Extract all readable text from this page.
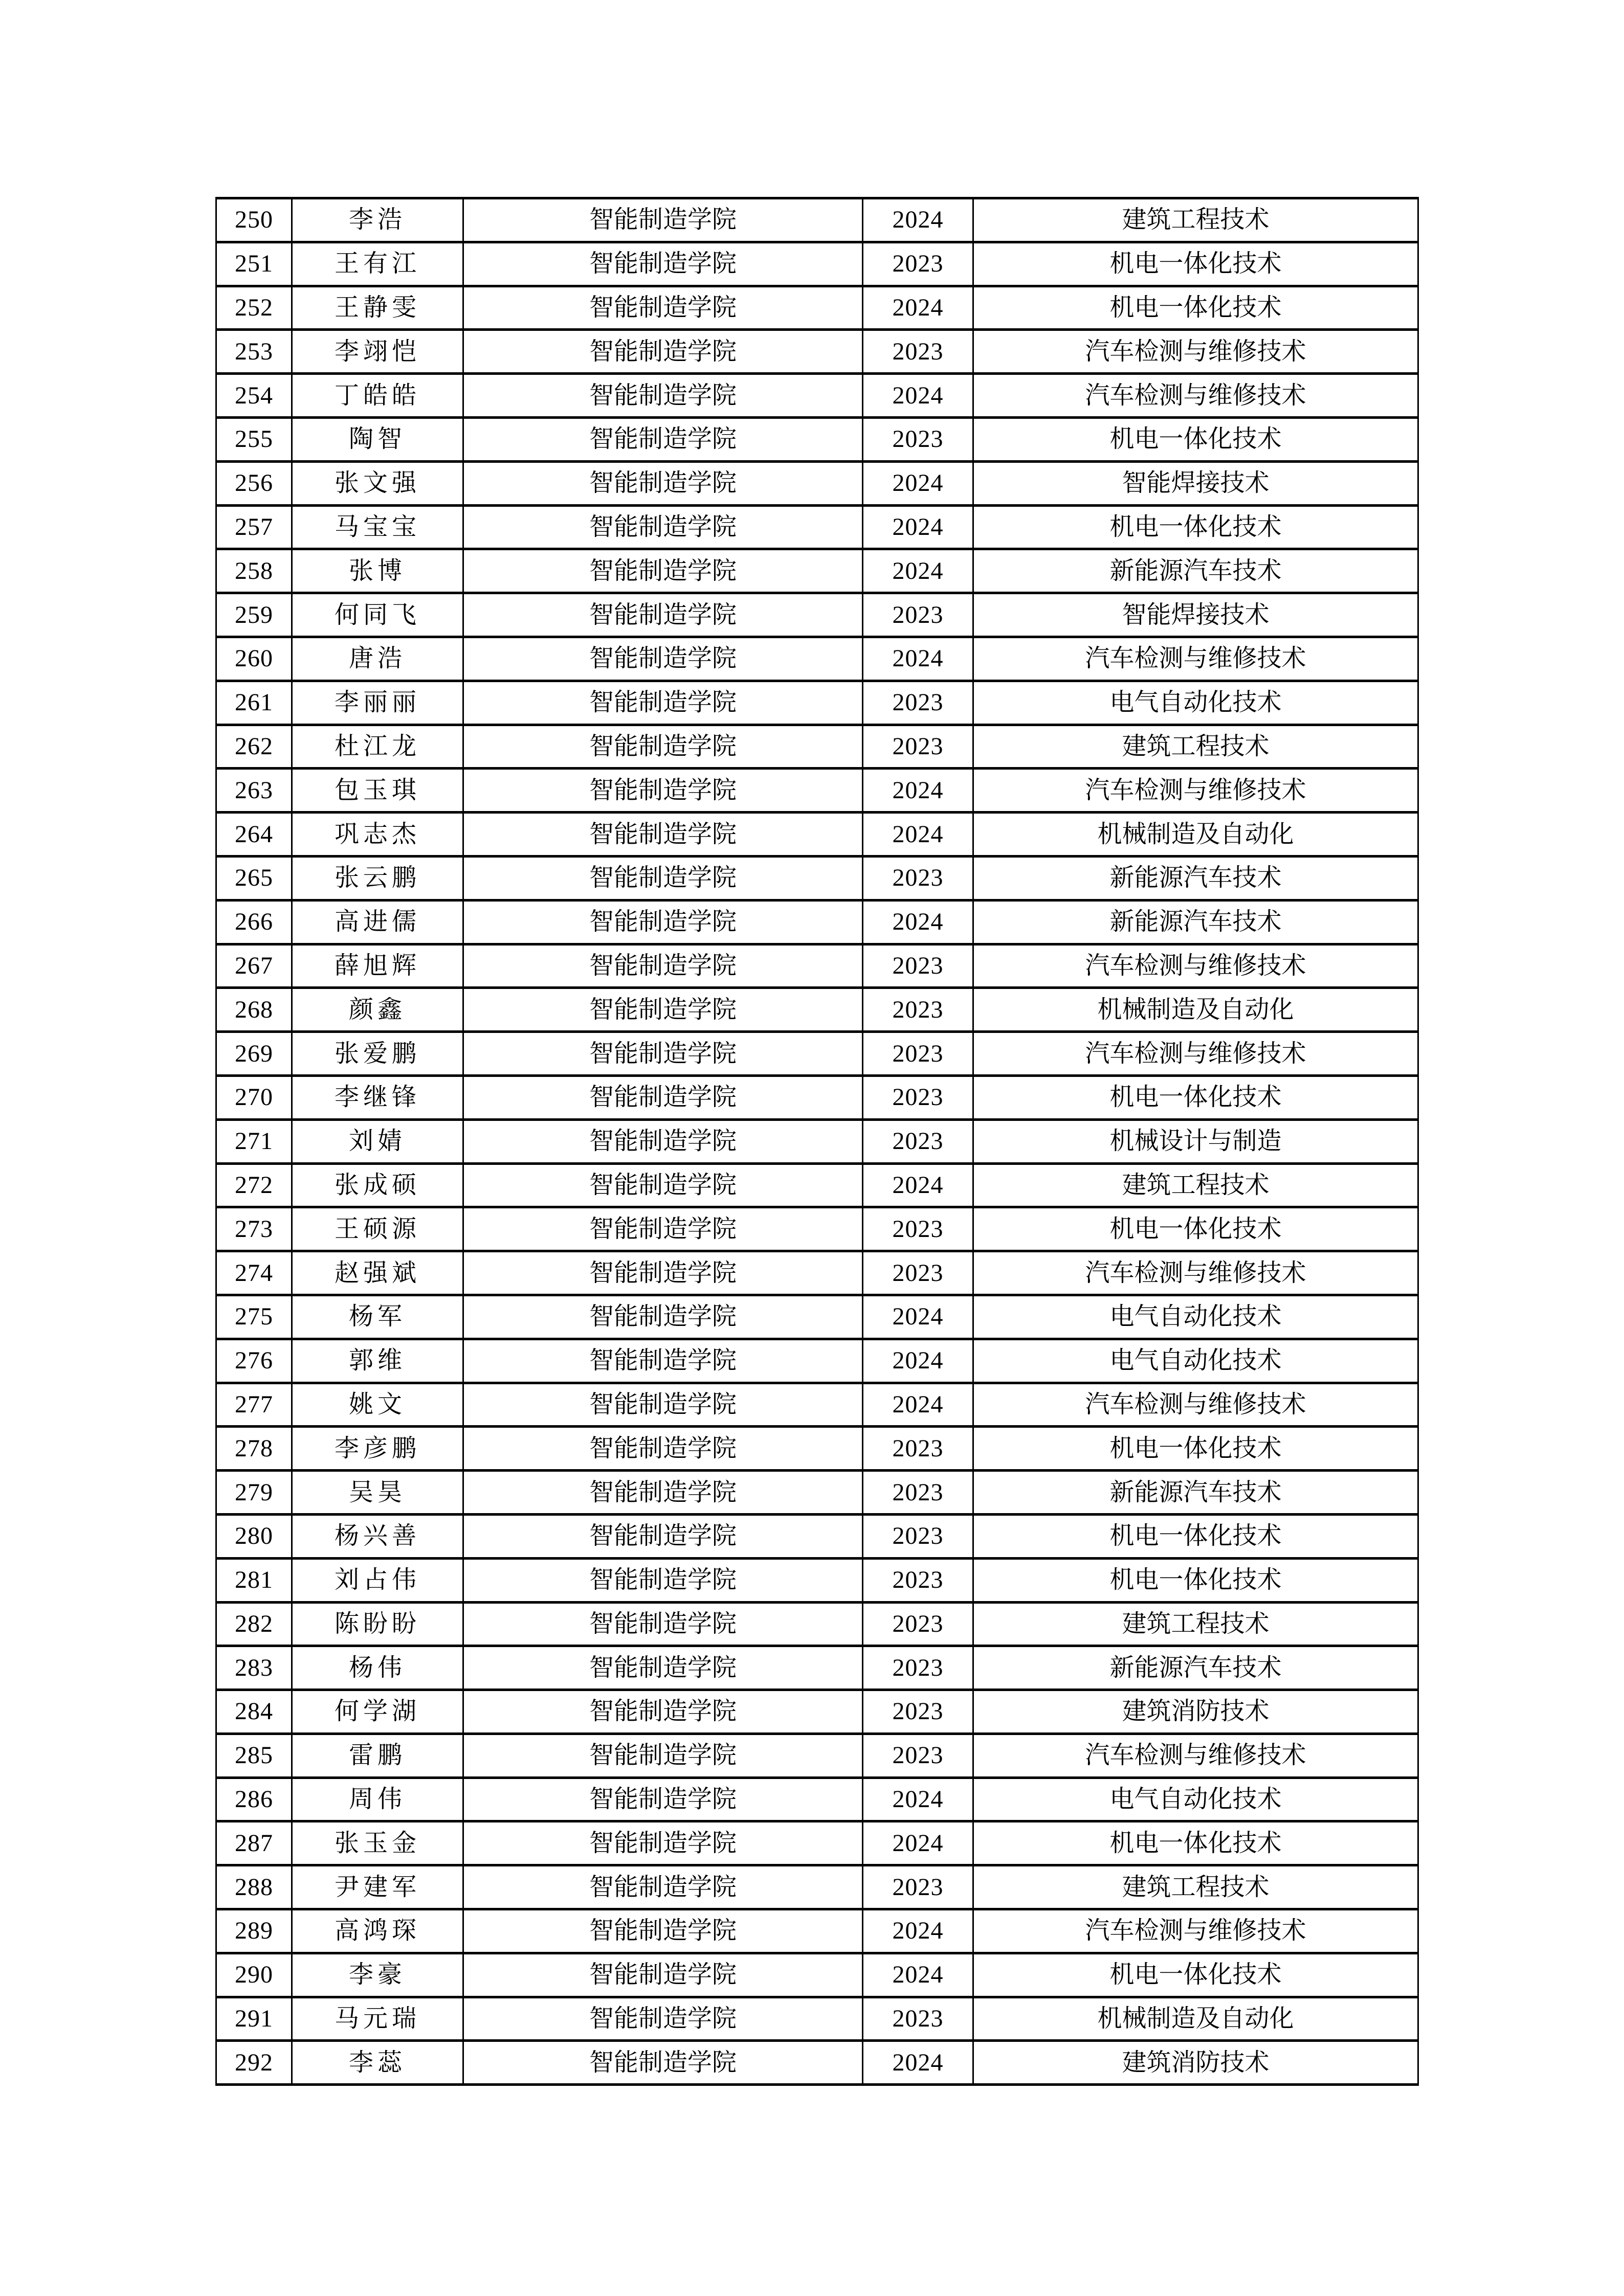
250	李浩	智能制造学院	2024	建筑工程技术
251	王有江	智能制造学院	2023	机电一体化技术
252	王静雯	智能制造学院	2024	机电一体化技术
253	李翊恺	智能制造学院	2023	汽车检测与维修技术
254	丁皓皓	智能制造学院	2024	汽车检测与维修技术
255	陶智	智能制造学院	2023	机电一体化技术
256	张文强	智能制造学院	2024	智能焊接技术
257	马宝宝	智能制造学院	2024	机电一体化技术
258	张博	智能制造学院	2024	新能源汽车技术
259	何同飞	智能制造学院	2023	智能焊接技术
260	唐浩	智能制造学院	2024	汽车检测与维修技术
261	李丽丽	智能制造学院	2023	电气自动化技术
262	杜江龙	智能制造学院	2023	建筑工程技术
263	包玉琪	智能制造学院	2024	汽车检测与维修技术
264	巩志杰	智能制造学院	2024	机械制造及自动化
265	张云鹏	智能制造学院	2023	新能源汽车技术
266	高进儒	智能制造学院	2024	新能源汽车技术
267	薛旭辉	智能制造学院	2023	汽车检测与维修技术
268	颜鑫	智能制造学院	2023	机械制造及自动化
269	张爱鹏	智能制造学院	2023	汽车检测与维修技术
270	李继锋	智能制造学院	2023	机电一体化技术
271	刘婧	智能制造学院	2023	机械设计与制造
272	张成硕	智能制造学院	2024	建筑工程技术
273	王硕源	智能制造学院	2023	机电一体化技术
274	赵强斌	智能制造学院	2023	汽车检测与维修技术
275	杨军	智能制造学院	2024	电气自动化技术
276	郭维	智能制造学院	2024	电气自动化技术
277	姚文	智能制造学院	2024	汽车检测与维修技术
278	李彦鹏	智能制造学院	2023	机电一体化技术
279	吴昊	智能制造学院	2023	新能源汽车技术
280	杨兴善	智能制造学院	2023	机电一体化技术
281	刘占伟	智能制造学院	2023	机电一体化技术
282	陈盼盼	智能制造学院	2023	建筑工程技术
283	杨伟	智能制造学院	2023	新能源汽车技术
284	何学湖	智能制造学院	2023	建筑消防技术
285	雷鹏	智能制造学院	2023	汽车检测与维修技术
286	周伟	智能制造学院	2024	电气自动化技术
287	张玉金	智能制造学院	2024	机电一体化技术
288	尹建军	智能制造学院	2023	建筑工程技术
289	高鸿琛	智能制造学院	2024	汽车检测与维修技术
290	李豪	智能制造学院	2024	机电一体化技术
291	马元瑞	智能制造学院	2023	机械制造及自动化
292	李蕊	智能制造学院	2024	建筑消防技术
